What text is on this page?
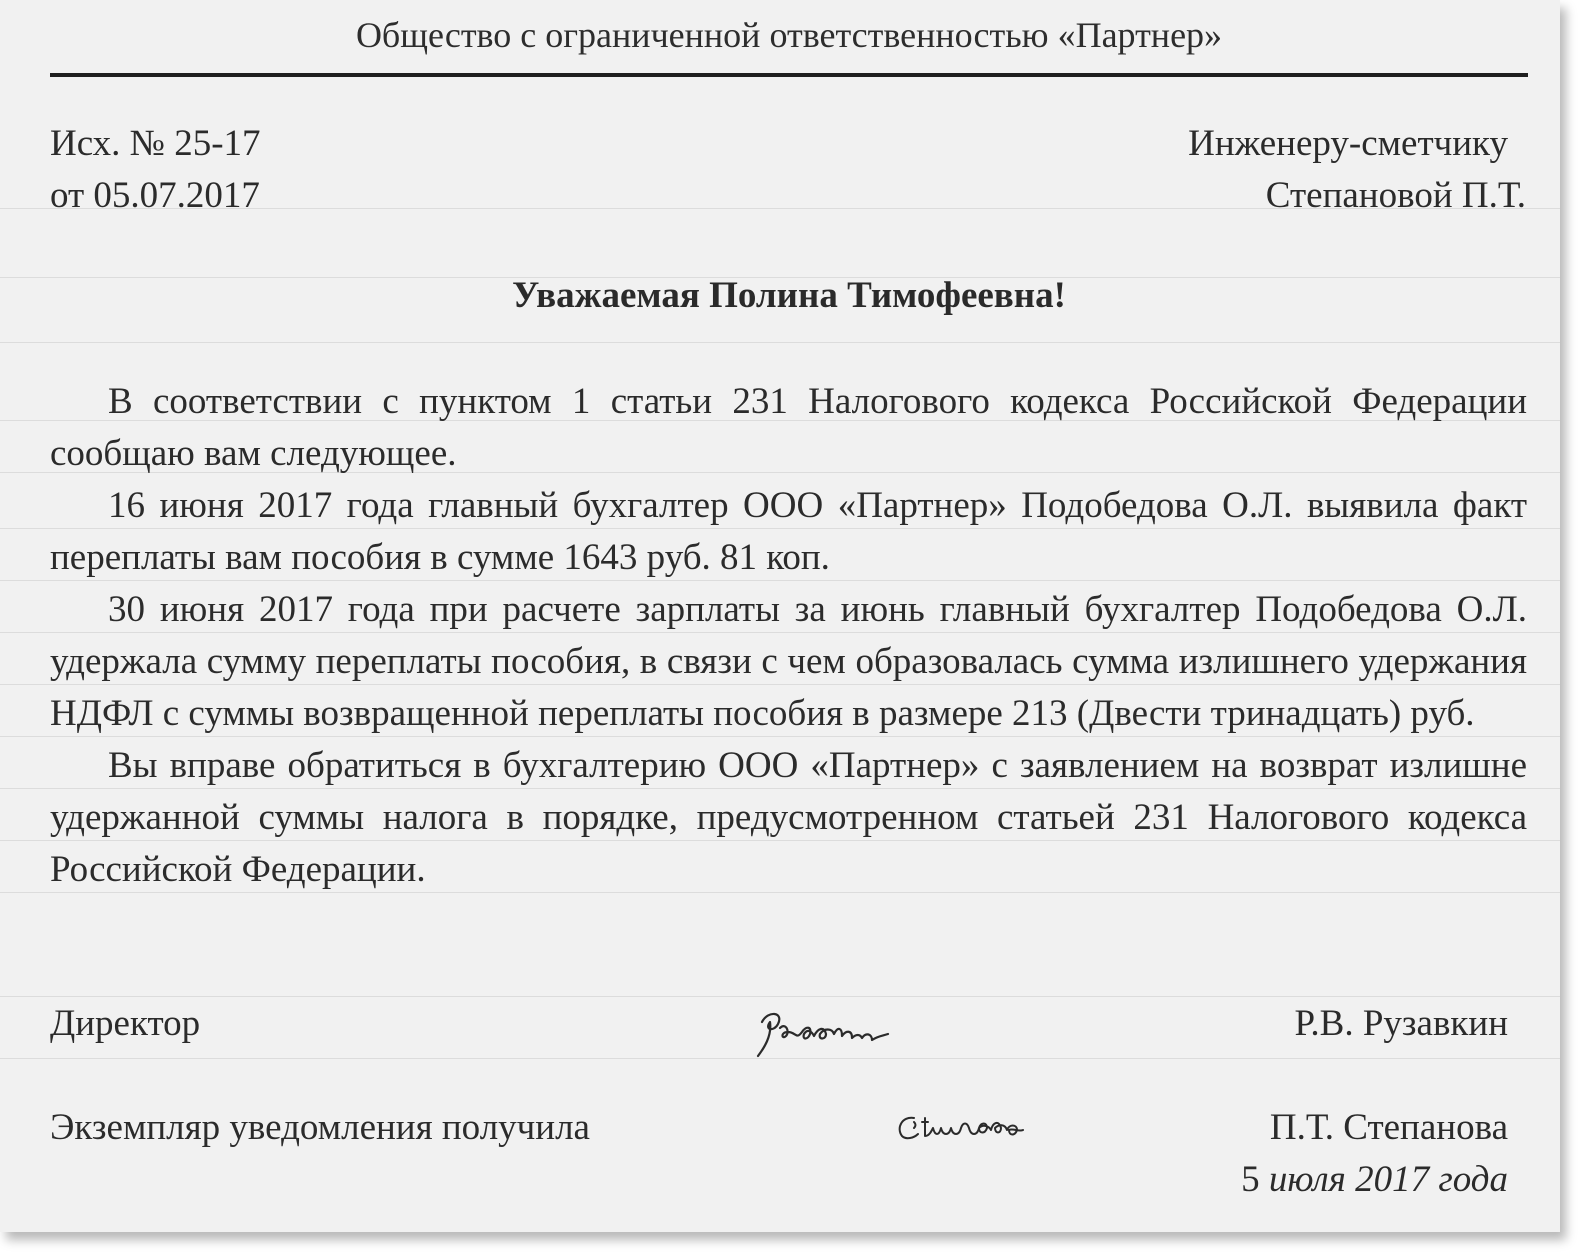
Общество с ограниченной ответственностью «Партнер»
Исх. № 25-17
от 05.07.2017
Инженеру-сметчику
Степановой П.Т.
Уважаемая Полина Тимофеевна!

В соответствии с пунктом 1 статьи 231 Налогового кодекса Российской Федерации сообщаю вам следующее.

16 июня 2017 года главный бухгалтер ООО «Партнер» Подобедова О.Л. выявила факт переплаты вам пособия в сумме 1643 руб. 81 коп.

30 июня 2017 года при расчете зарплаты за июнь главный бухгалтер Подобедова О.Л. удержала сумму переплаты пособия, в связи с чем образовалась сумма излишнего удержания НДФЛ с суммы возвращенной переплаты пособия в размере 213 (Двести тринадцать) руб.

Вы вправе обратиться в бухгалтерию ООО «Партнер» с заявлением на возврат излишне удержанной суммы налога в порядке, предусмотренном статьей 231 Налогового кодекса Российской Федерации.

Директор	Р.В. Рузавкин
Экземпляр уведомления получила	П.Т. Степанова
5 июля 2017 года
